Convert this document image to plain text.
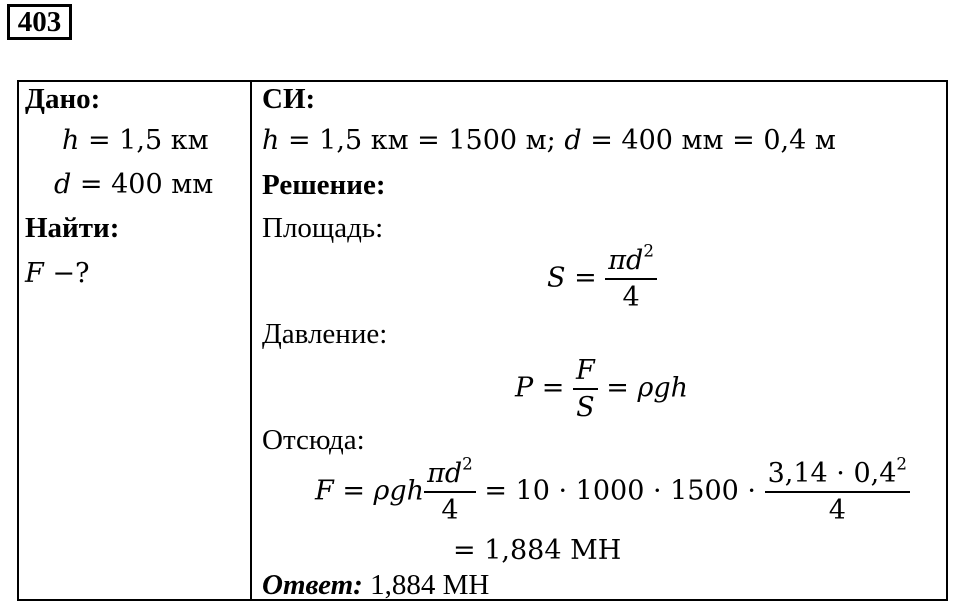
403
Дано:
h = 1,5 км
d = 400 мм
Найти:
F −?
СИ:
h = 1,5 км = 1500 м; d = 400 мм = 0,4 м
Решение:
Площадь:
$S = \frac{\pi d^2}{4}$
Давление:
$P = \frac{F}{S} = \rho gh$
Отсюда:
F = ρgh $\frac{\pi d^2}{4} = 10 \cdot 1000 \cdot 1500 \cdot \frac{3,14 \cdot 0,4^2}{4}$
= 1,884 МН
Ответ: 1,884 МН
